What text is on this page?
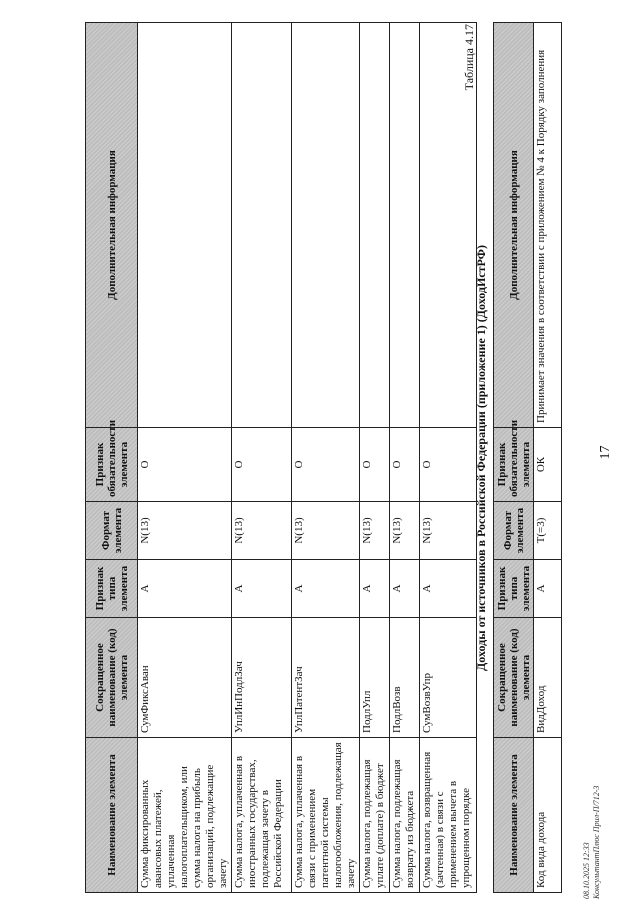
Наименование элемента	Сокращенное наименование (код) элемента	Признак типа элемента	Формат элемента	Признак обязательности элемента	Дополнительная информация
Сумма фиксированных авансовых платежей, уплаченная налогоплательщиком, или сумма налога на прибыль организаций, подлежащие зачету	СумФиксАван	А	N(13)	О	
Сумма налога, уплаченная в иностранных государствах, подлежащая зачету в Российской Федерации	УплИнПодлЗач	А	N(13)	О	
Сумма налога, уплаченная в связи с применением патентной системы налогообложения, подлежащая зачету	УплПатентЗач	А	N(13)	О	
Сумма налога, подлежащая уплате (доплате) в бюджет	ПодлУпл	А	N(13)	О	
Сумма налога, подлежащая возврату из бюджета	ПодлВозв	А	N(13)	О	
Сумма налога, возвращенная (зачтенная) в связи с применением вычета в упрощенном порядке	СумВозвУпр	А	N(13)	О	
Таблица 4.17
Доходы от источников в Российской Федерации (приложение 1) (ДоходИстРФ)
Наименование элемента	Сокращенное наименование (код) элемента	Признак типа элемента	Формат элемента	Признак обязательности элемента	Дополнительная информация
Код вида дохода	ВидДоход	А	T(=3)	ОК	Принимает значения в соответствии с приложением № 4 к Порядку заполнения
08.10.2025 12:33 КонсультантПлюс Прил-П/712-3
17
